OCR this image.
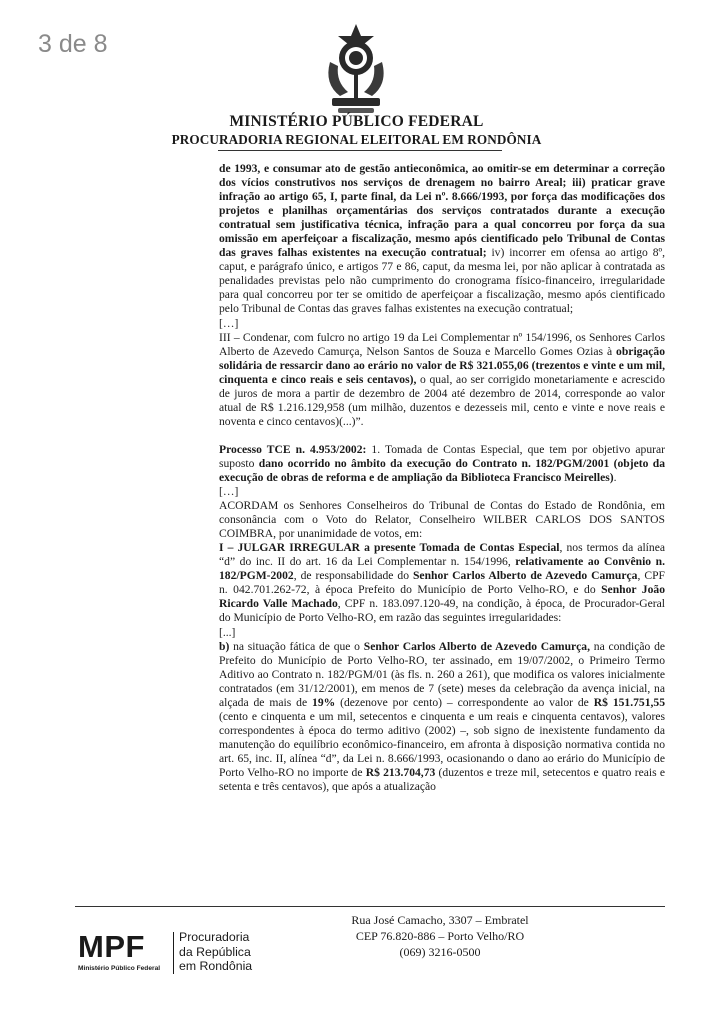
3 de 8
MINISTÉRIO PÚBLICO FEDERAL
PROCURADORIA REGIONAL ELEITORAL EM RONDÔNIA

de 1993, e consumar ato de gestão antieconômica, ao omitir-se em determinar a correção dos vícios construtivos nos serviços de drenagem no bairro Areal; iii) praticar grave infração ao artigo 65, I, parte final, da Lei nº. 8.666/1993, por força das modificações dos projetos e planilhas orçamentárias dos serviços contratados durante a execução contratual sem justificativa técnica, infração para a qual concorreu por força da sua omissão em aperfeiçoar a fiscalização, mesmo após cientificado pelo Tribunal de Contas das graves falhas existentes na execução contratual; iv) incorrer em ofensa ao artigo 8º, caput, e parágrafo único, e artigos 77 e 86, caput, da mesma lei, por não aplicar à contratada as penalidades previstas pelo não cumprimento do cronograma físico-financeiro, irregularidade para qual concorreu por ter se omitido de aperfeiçoar a fiscalização, mesmo após cientificado pelo Tribunal de Contas das graves falhas existentes na execução contratual;

[…]

III – Condenar, com fulcro no artigo 19 da Lei Complementar nº 154/1996, os Senhores Carlos Alberto de Azevedo Camurça, Nelson Santos de Souza e Marcello Gomes Ozias à obrigação solidária de ressarcir dano ao erário no valor de R$ 321.055,06 (trezentos e vinte e um mil, cinquenta e cinco reais e seis centavos), o qual, ao ser corrigido monetariamente e acrescido de juros de mora a partir de dezembro de 2004 até dezembro de 2014, corresponde ao valor atual de R$ 1.216.129,958 (um milhão, duzentos e dezesseis mil, cento e vinte e nove reais e noventa e cinco centavos)(...)”.

Processo TCE n. 4.953/2002: 1. Tomada de Contas Especial, que tem por objetivo apurar suposto dano ocorrido no âmbito da execução do Contrato n. 182/PGM/2001 (objeto da execução de obras de reforma e de ampliação da Biblioteca Francisco Meirelles).

[…]

ACORDAM os Senhores Conselheiros do Tribunal de Contas do Estado de Rondônia, em consonância com o Voto do Relator, Conselheiro WILBER CARLOS DOS SANTOS COIMBRA, por unanimidade de votos, em:

I – JULGAR IRREGULAR a presente Tomada de Contas Especial, nos termos da alínea “d” do inc. II do art. 16 da Lei Complementar n. 154/1996, relativamente ao Convênio n. 182/PGM-2002, de responsabilidade do Senhor Carlos Alberto de Azevedo Camurça, CPF n. 042.701.262-72, à época Prefeito do Município de Porto Velho-RO, e do Senhor João Ricardo Valle Machado, CPF n. 183.097.120-49, na condição, à época, de Procurador-Geral do Município de Porto Velho-RO, em razão das seguintes irregularidades:

[...]

b) na situação fática de que o Senhor Carlos Alberto de Azevedo Camurça, na condição de Prefeito do Município de Porto Velho-RO, ter assinado, em 19/07/2002, o Primeiro Termo Aditivo ao Contrato n. 182/PGM/01 (às fls. n. 260 a 261), que modifica os valores inicialmente contratados (em 31/12/2001), em menos de 7 (sete) meses da celebração da avença inicial, na alçada de mais de 19% (dezenove por cento) – correspondente ao valor de R$ 151.751,55 (cento e cinquenta e um mil, setecentos e cinquenta e um reais e cinquenta centavos), valores correspondentes à época do termo aditivo (2002) –, sob signo de inexistente fundamento da manutenção do equilíbrio econômico-financeiro, em afronta à disposição normativa contida no art. 65, inc. II, alínea “d”, da Lei n. 8.666/1993, ocasionando o dano ao erário do Município de Porto Velho-RO no importe de R$ 213.704,73 (duzentos e treze mil, setecentos e quatro reais e setenta e três centavos), que após a atualização

Rua José Camacho, 3307 – Embratel
CEP 76.820-886 – Porto Velho/RO
(069) 3216-0500
MPF
Ministério Público Federal
Procuradoria
da República
em Rondônia
